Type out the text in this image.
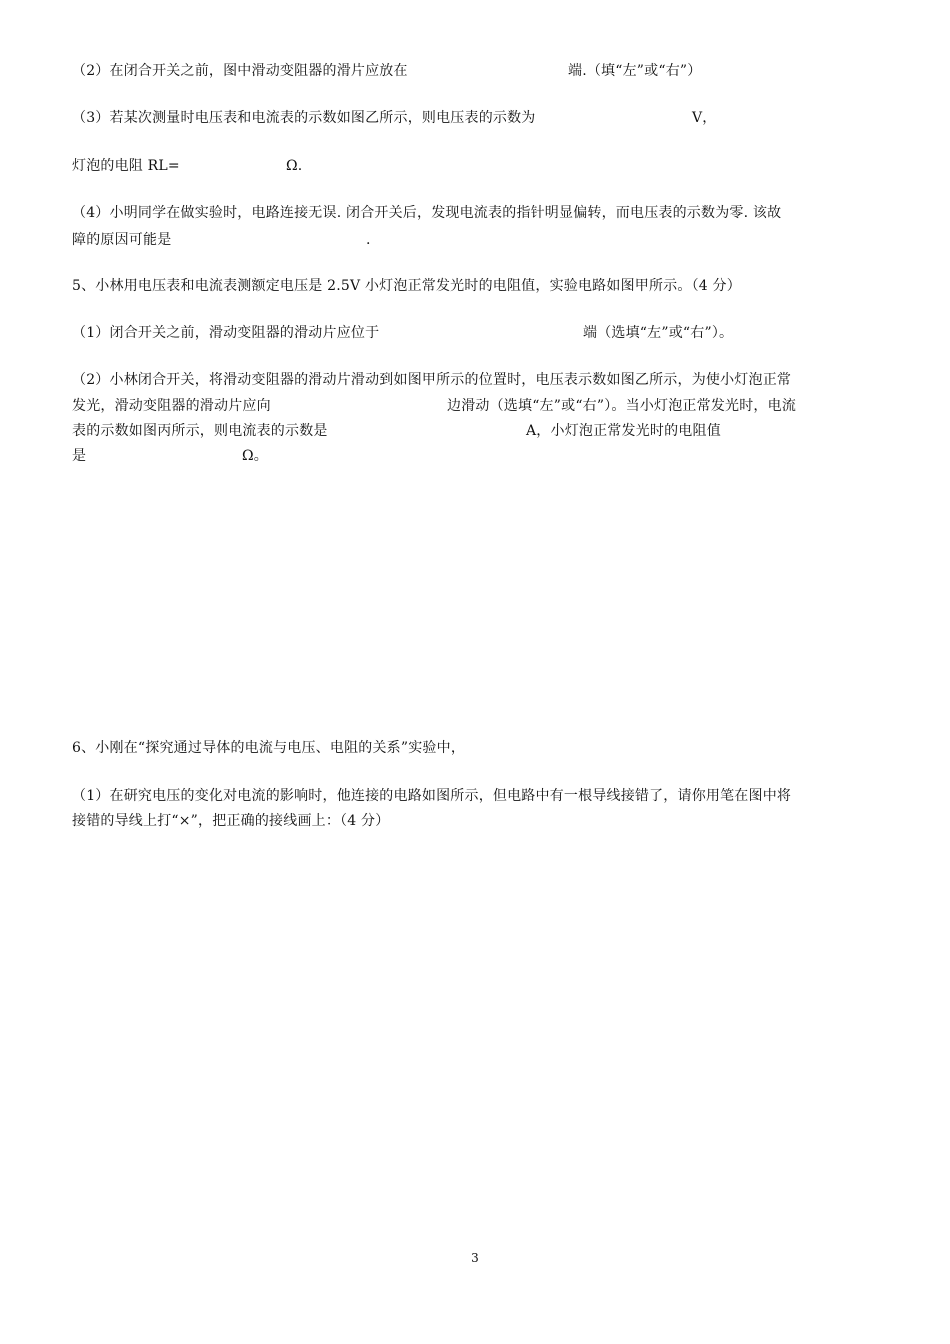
（2）在闭合开关之前，图中滑动变阻器的滑片应放在	端.（填“左”或“右”）
（3）若某次测量时电压表和电流表的示数如图乙所示，则电压表的示数为	V，
灯泡的电阻 RL=	Ω.
（4）小明同学在做实验时，电路连接无误. 闭合开关后，发现电流表的指针明显偏转，而电压表的示数为零. 该故
障的原因可能是	.
5、小林用电压表和电流表测额定电压是 2.5V 小灯泡正常发光时的电阻值，实验电路如图甲所示。（4 分）
（1）闭合开关之前，滑动变阻器的滑动片应位于	端（选填“左”或“右”）。
（2）小林闭合开关，将滑动变阻器的滑动片滑动到如图甲所示的位置时，电压表示数如图乙所示，为使小灯泡正常
发光，滑动变阻器的滑动片应向	边滑动（选填“左”或“右”）。当小灯泡正常发光时，电流
表的示数如图丙所示，则电流表的示数是	A，小灯泡正常发光时的电阻值
是	Ω。
6、小刚在“探究通过导体的电流与电压、电阻的关系”实验中，
（1）在研究电压的变化对电流的影响时，他连接的电路如图所示，但电路中有一根导线接错了，请你用笔在图中将
接错的导线上打“×”，把正确的接线画上：（4 分）
3
